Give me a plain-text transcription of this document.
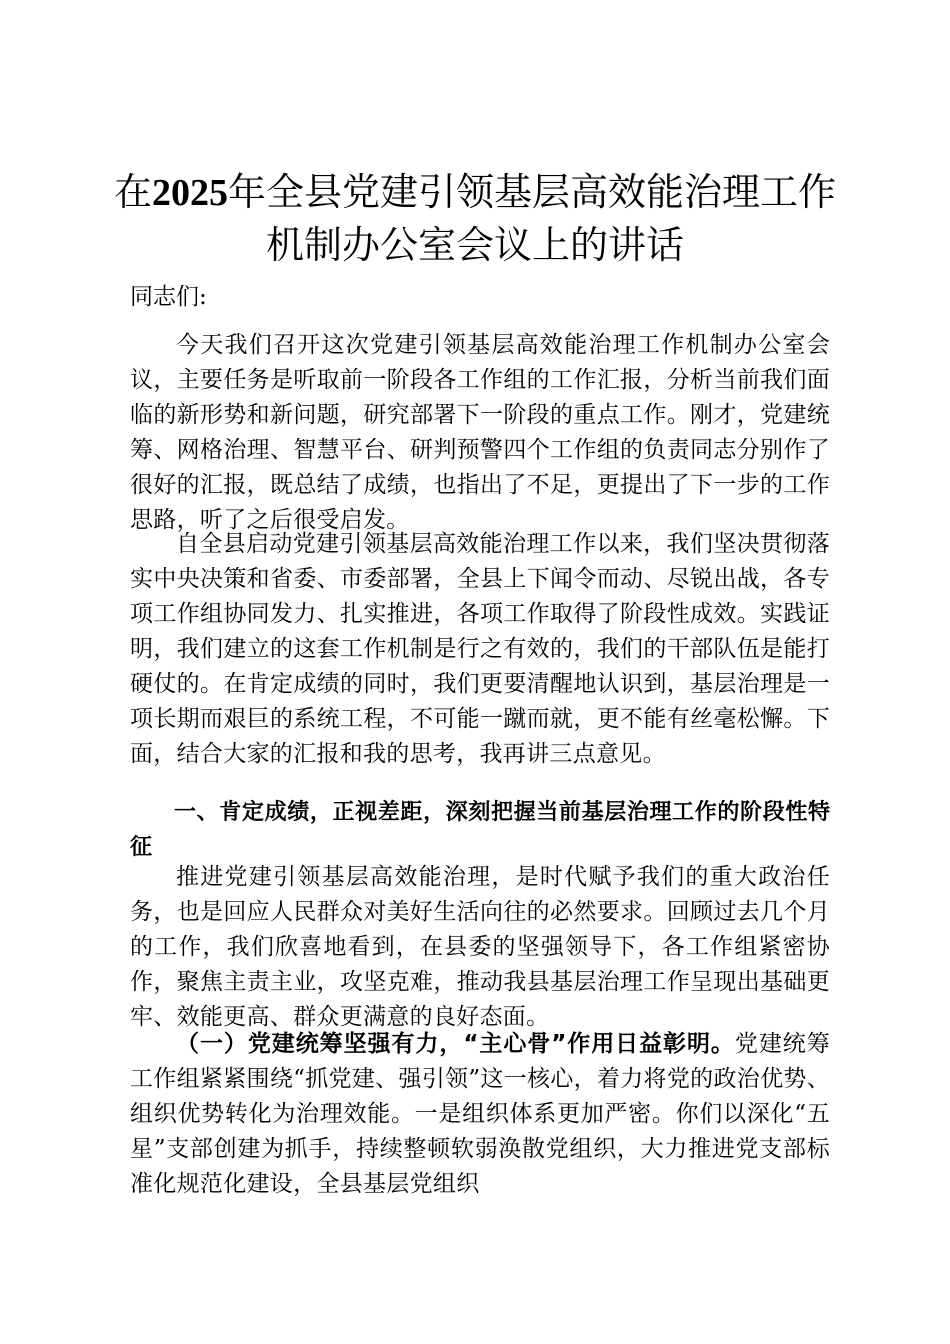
在2025年全县党建引领基层高效能治理工作
机制办公室会议上的讲话
同志们:
今天我们召开这次党建引领基层高效能治理工作机制办公室会议，主要任务是听取前一阶段各工作组的工作汇报，分析当前我们面临的新形势和新问题，研究部署下一阶段的重点工作。刚才，党建统筹、网格治理、智慧平台、研判预警四个工作组的负责同志分别作了很好的汇报，既总结了成绩，也指出了不足，更提出了下一步的工作思路，听了之后很受启发。
自全县启动党建引领基层高效能治理工作以来，我们坚决贯彻落实中央决策和省委、市委部署，全县上下闻令而动、尽锐出战，各专项工作组协同发力、扎实推进，各项工作取得了阶段性成效。实践证明，我们建立的这套工作机制是行之有效的，我们的干部队伍是能打硬仗的。在肯定成绩的同时，我们更要清醒地认识到，基层治理是一项长期而艰巨的系统工程，不可能一蹴而就，更不能有丝毫松懈。下面，结合大家的汇报和我的思考，我再讲三点意见。
一、肯定成绩，正视差距，深刻把握当前基层治理工作的阶段性特征
推进党建引领基层高效能治理，是时代赋予我们的重大政治任务，也是回应人民群众对美好生活向往的必然要求。回顾过去几个月的工作，我们欣喜地看到，在县委的坚强领导下，各工作组紧密协作，聚焦主责主业，攻坚克难，推动我县基层治理工作呈现出基础更牢、效能更高、群众更满意的良好态面。
（一）党建统筹坚强有力，“主心骨”作用日益彰明。党建统筹工作组紧紧围绕“抓党建、强引领”这一核心，着力将党的政治优势、组织优势转化为治理效能。一是组织体系更加严密。你们以深化“五星”支部创建为抓手，持续整顿软弱涣散党组织，大力推进党支部标准化规范化建设，全县基层党组织
